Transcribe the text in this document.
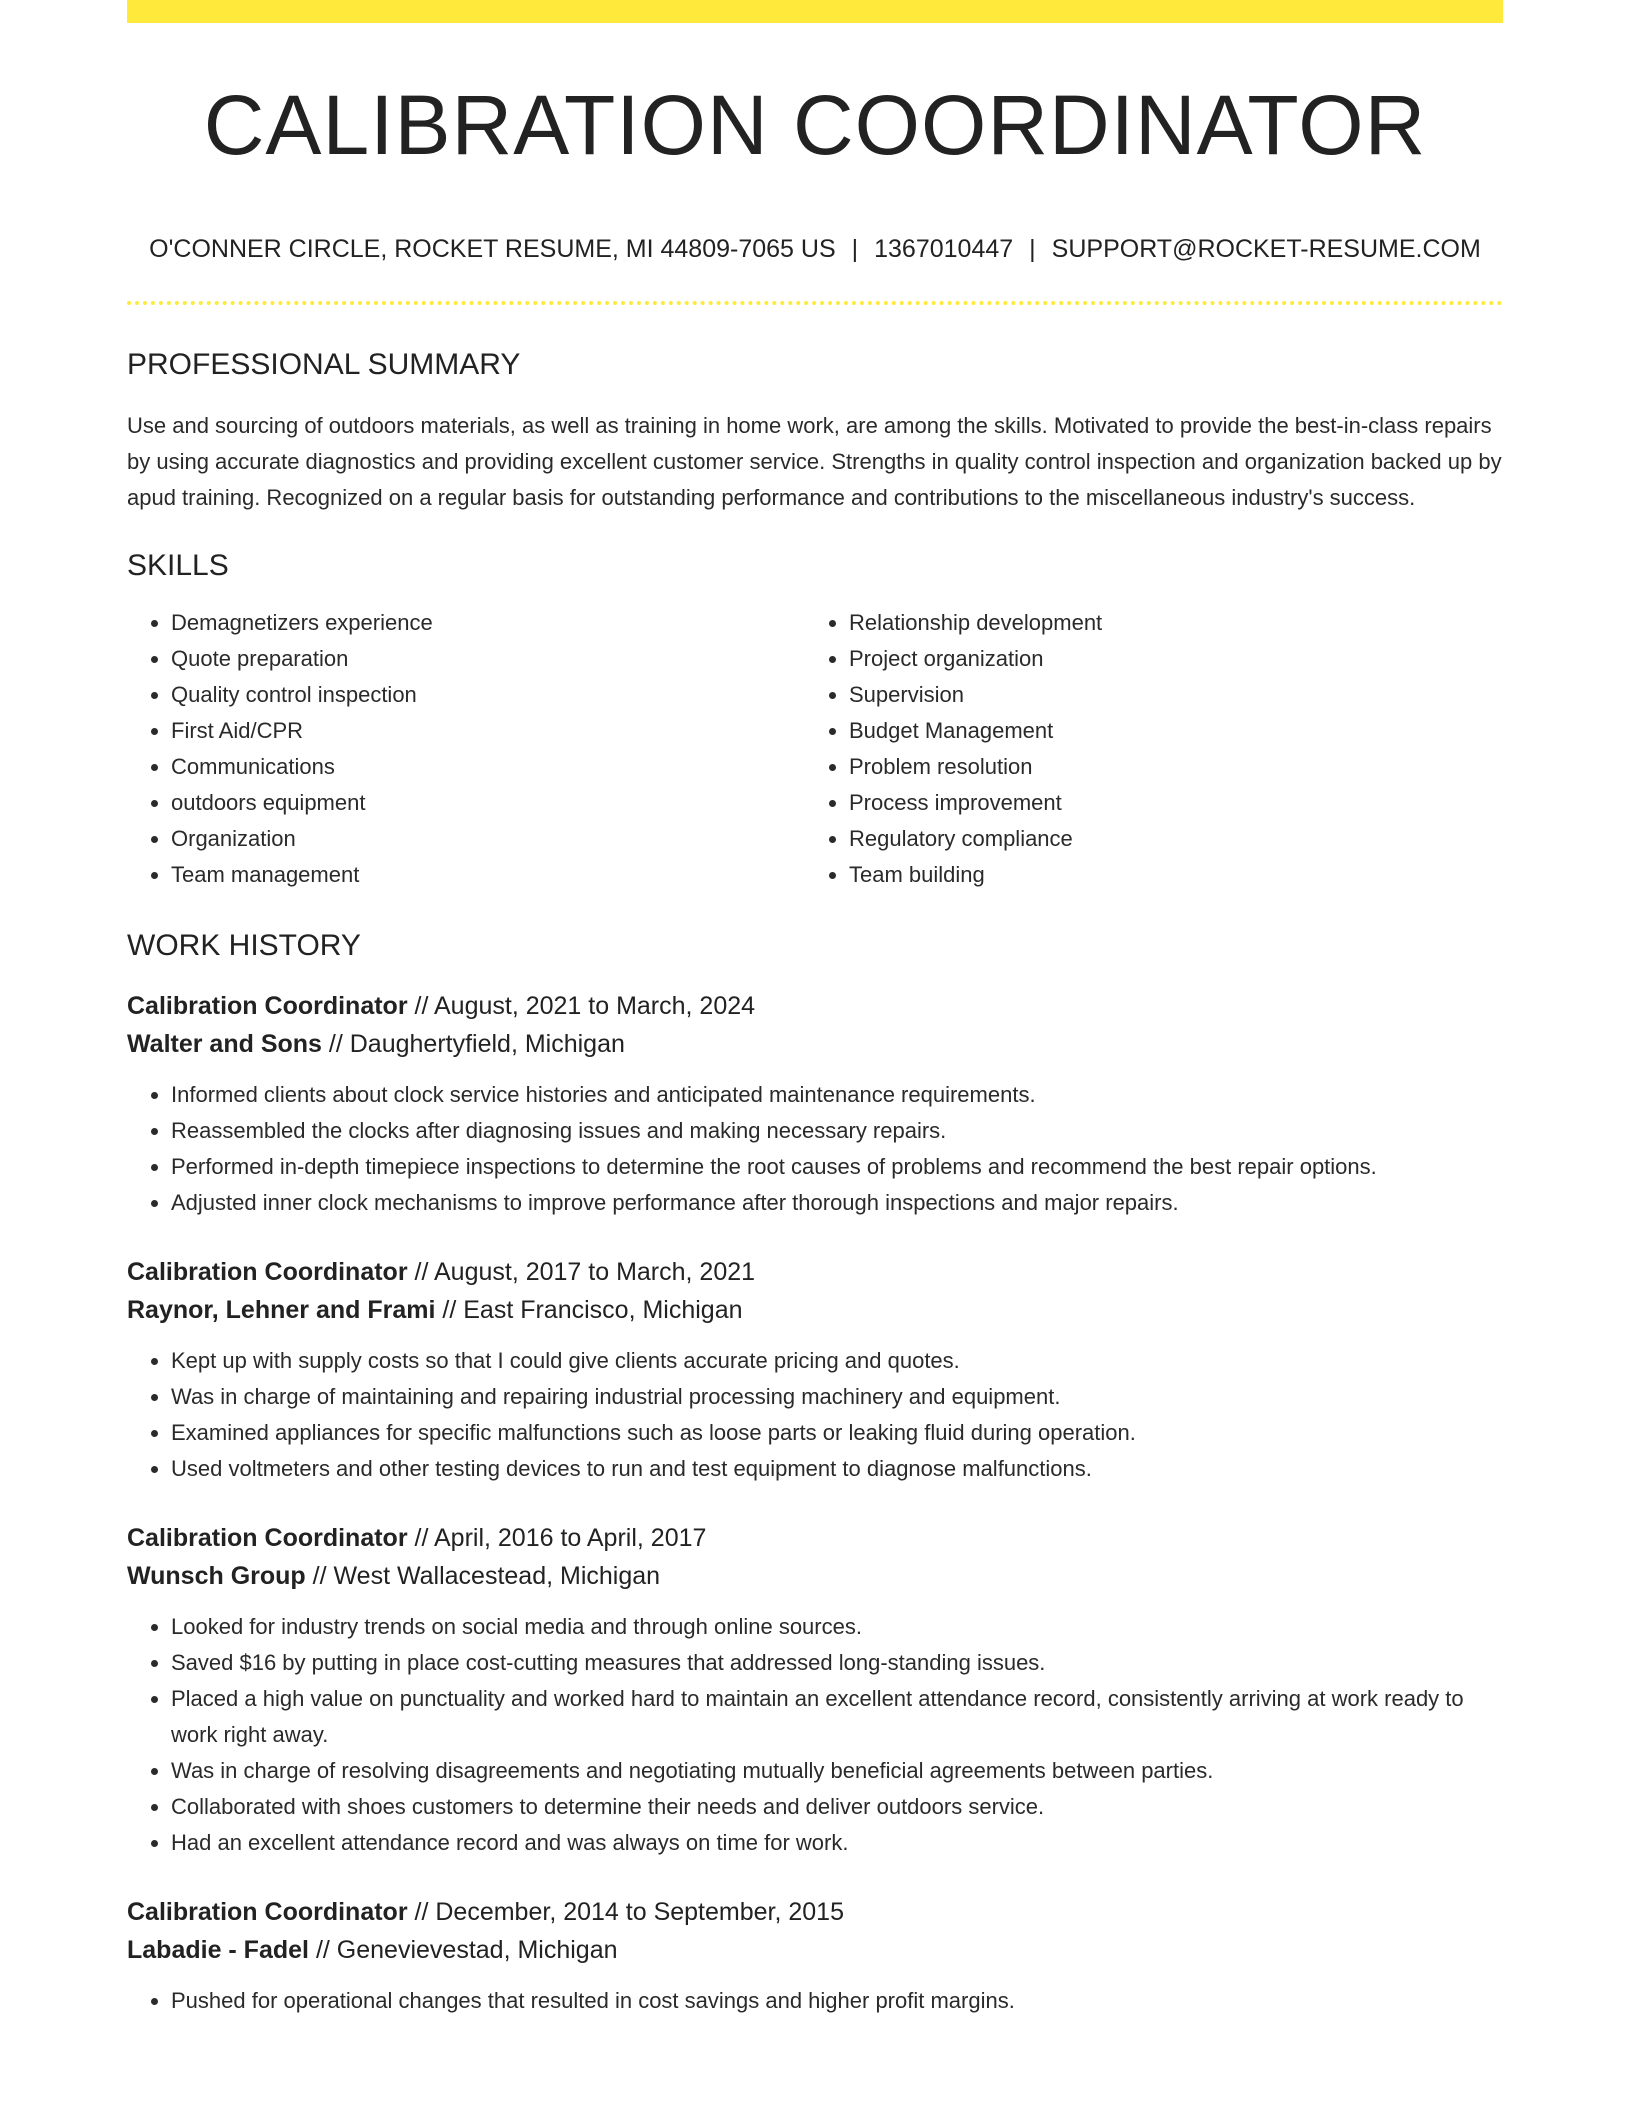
CALIBRATION COORDINATOR
O'CONNER CIRCLE, ROCKET RESUME, MI 44809-7065 US | 1367010447 | SUPPORT@ROCKET-RESUME.COM
PROFESSIONAL SUMMARY

Use and sourcing of outdoors materials, as well as training in home work, are among the skills. Motivated to provide the best-in-class repairs by using accurate diagnostics and providing excellent customer service. Strengths in quality control inspection and organization backed up by apud training. Recognized on a regular basis for outstanding performance and contributions to the miscellaneous industry's success.

SKILLS
• Demagnetizers experience
• Quote preparation
• Quality control inspection
• First Aid/CPR
• Communications
• outdoors equipment
• Organization
• Team management
• Relationship development
• Project organization
• Supervision
• Budget Management
• Problem resolution
• Process improvement
• Regulatory compliance
• Team building
WORK HISTORY
Calibration Coordinator // August, 2021 to March, 2024
Walter and Sons // Daughertyfield, Michigan
• Informed clients about clock service histories and anticipated maintenance requirements.
• Reassembled the clocks after diagnosing issues and making necessary repairs.
• Performed in-depth timepiece inspections to determine the root causes of problems and recommend the best repair options.
• Adjusted inner clock mechanisms to improve performance after thorough inspections and major repairs.
Calibration Coordinator // August, 2017 to March, 2021
Raynor, Lehner and Frami // East Francisco, Michigan
• Kept up with supply costs so that I could give clients accurate pricing and quotes.
• Was in charge of maintaining and repairing industrial processing machinery and equipment.
• Examined appliances for specific malfunctions such as loose parts or leaking fluid during operation.
• Used voltmeters and other testing devices to run and test equipment to diagnose malfunctions.
Calibration Coordinator // April, 2016 to April, 2017
Wunsch Group // West Wallacestead, Michigan
• Looked for industry trends on social media and through online sources.
• Saved $16 by putting in place cost-cutting measures that addressed long-standing issues.
• Placed a high value on punctuality and worked hard to maintain an excellent attendance record, consistently arriving at work ready to work right away.
• Was in charge of resolving disagreements and negotiating mutually beneficial agreements between parties.
• Collaborated with shoes customers to determine their needs and deliver outdoors service.
• Had an excellent attendance record and was always on time for work.
Calibration Coordinator // December, 2014 to September, 2015
Labadie - Fadel // Genevievestad, Michigan
• Pushed for operational changes that resulted in cost savings and higher profit margins.
